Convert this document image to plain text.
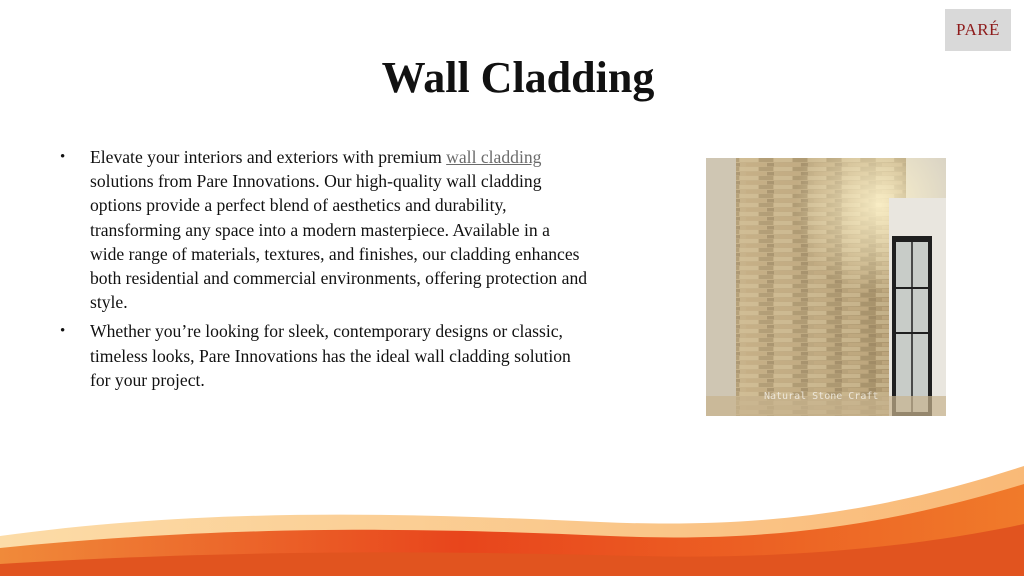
PARÉ
Wall Cladding
• Elevate your interiors and exteriors with premium wall cladding solutions from Pare Innovations. Our high-quality wall cladding options provide a perfect blend of aesthetics and durability, transforming any space into a modern masterpiece. Available in a wide range of materials, textures, and finishes, our cladding enhances both residential and commercial environments, offering protection and style.
• Whether you’re looking for sleek, contemporary designs or classic, timeless looks, Pare Innovations has the ideal wall cladding solution for your project.
Natural Stone Craft
